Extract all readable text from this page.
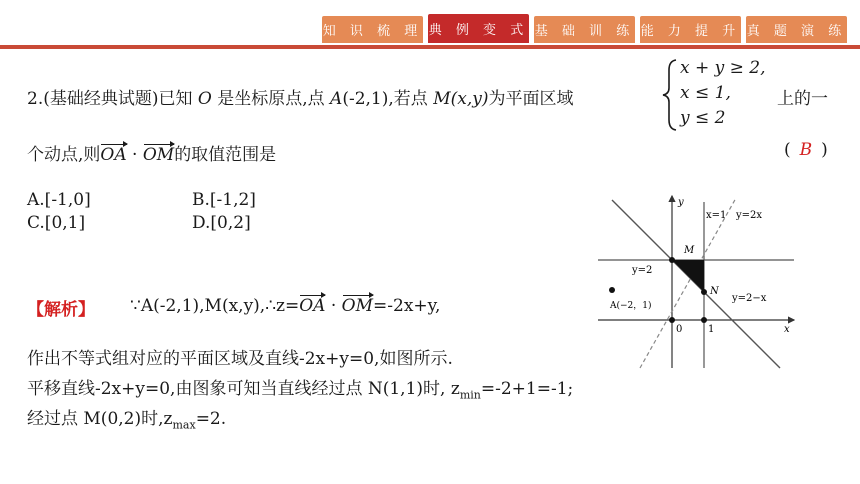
知 识 梳 理 典 例 变 式 基 础 训 练 能 力 提 升 真 题 演 练
2.(基础经典试题)已知 O 是坐标原点,点 A(-2,1),若点 M(x,y)为平面区域
x + y ≥ 2,
x ≤ 1,
y ≤ 2
上的一
个动点,则OA · OM的取值范围是	( B )
A.[-1,0]	B.[-1,2]
C.[0,1]	D.[0,2]
【解析】 ∵A(-2,1),M(x,y),∴z=OA · OM=-2x+y,
作出不等式组对应的平面区域及直线-2x+y=0,如图所示.
平移直线-2x+y=0,由图象可知当直线经过点 N(1,1)时, $z_{min}=-2+1=-1$;
经过点 M(0,2)时$,z_{max}=2$.
y
x
0	1
x=1 y=2x
y=2
y=2−x
M
N
A(−2，1)
